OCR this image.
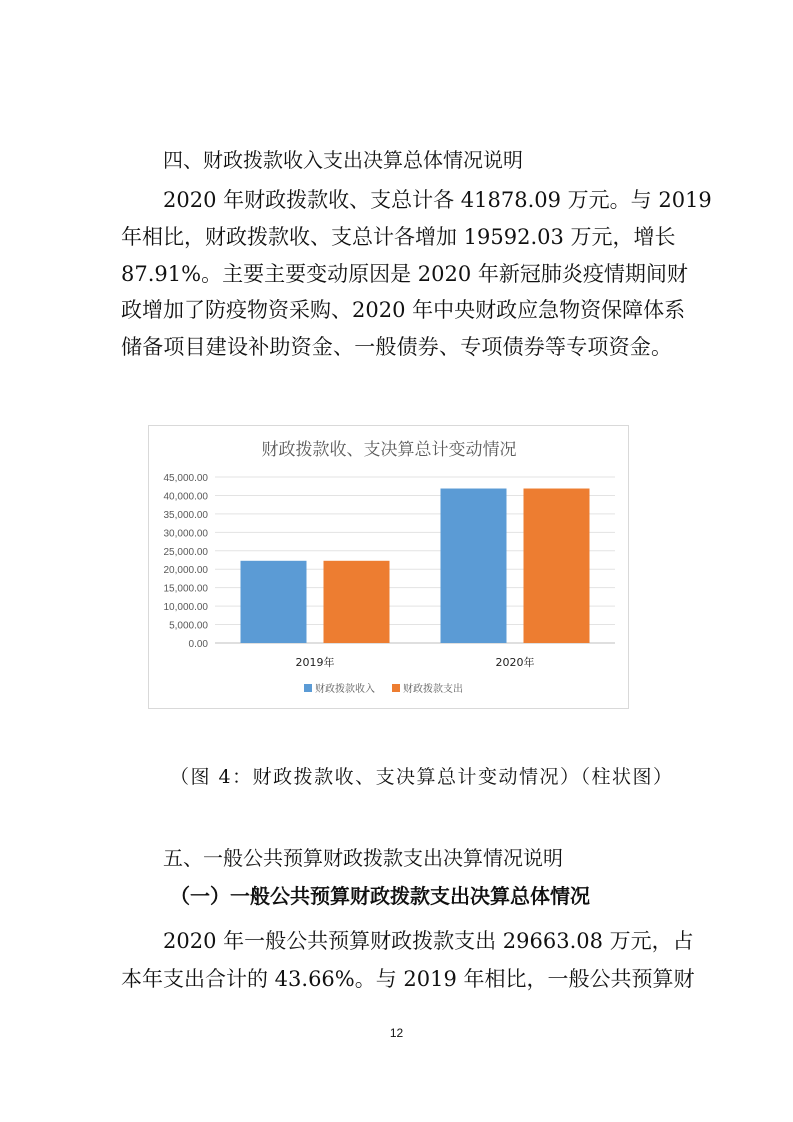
四、财政拨款收入支出决算总体情况说明
2020 年财政拨款收、支总计各 41878.09 万元。与 2019
年相比，财政拨款收、支总计各增加 19592.03 万元，增长
87.91%。主要主要变动原因是 2020 年新冠肺炎疫情期间财
政增加了防疫物资采购、2020 年中央财政应急物资保障体系
储备项目建设补助资金、一般债券、专项债券等专项资金。
财政拨款收、支决算总计变动情况
0.00
5,000.00
10,000.00
15,000.00
20,000.00
25,000.00
30,000.00
35,000.00
40,000.00
45,000.00
2019年	2020年
财政拨款收入	财政拨款支出
（图 4：财政拨款收、支决算总计变动情况）（柱状图）
五、一般公共预算财政拨款支出决算情况说明
（一）一般公共预算财政拨款支出决算总体情况
2020 年一般公共预算财政拨款支出 29663.08 万元，占
本年支出合计的 43.66%。与 2019 年相比，一般公共预算财
12
